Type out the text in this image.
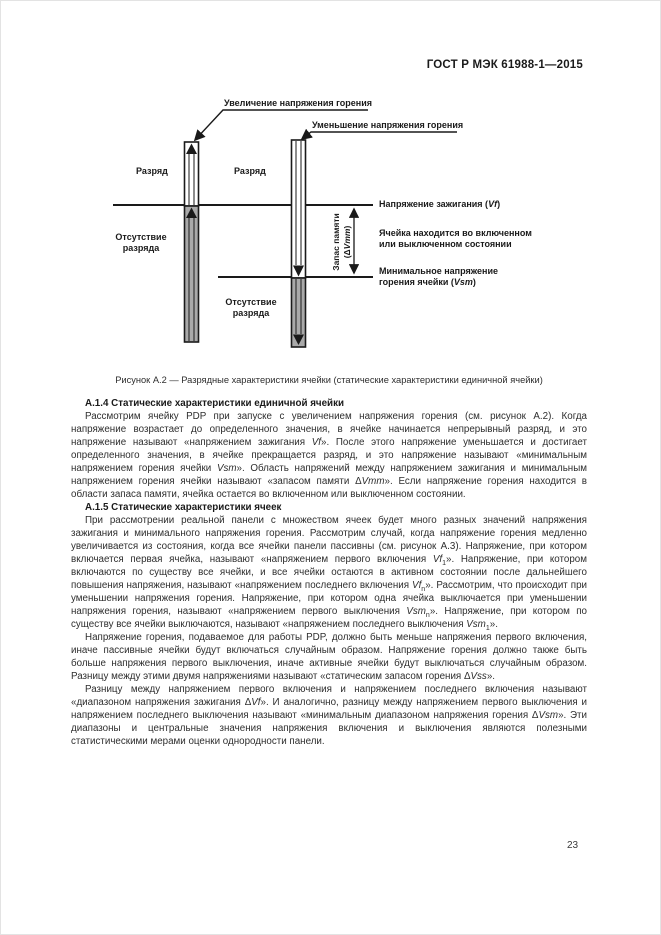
ГОСТ Р МЭК 61988-1—2015
Увеличение напряжения горения
Уменьшение напряжения горения
Разряд	Разряд
Отсутствие разряда
Отсутствие разряда
Напряжение зажигания (Vf)
Ячейка находится во включенном или выключенном состоянии
Минимальное напряжение горения ячейки (Vsm)
Запас памяти (ΔVmm)
Рисунок А.2 — Разрядные характеристики ячейки (статические характеристики единичной ячейки)
А.1.4 Статические характеристики единичной ячейки

Рассмотрим ячейку PDP при запуске с увеличением напряжения горения (см. рисунок А.2). Когда напряжение возрастает до определенного значения, в ячейке начинается непрерывный разряд, и это напряжение называют «напряжением зажигания Vf». После этого напряжение уменьшается и достигает определенного значения, в ячейке прекращается разряд, и это напряжение называют «минимальным напряжением горения ячейки Vsm». Область напряжений между напряжением зажигания и минимальным напряжением горения ячейки называют «запасом памяти ΔVmm». Если напряжение горения находится в области запаса памяти, ячейка остается во включенном или выключенном состоянии.

А.1.5 Статические характеристики ячеек

При рассмотрении реальной панели с множеством ячеек будет много разных значений напряжения зажигания и минимального напряжения горения. Рассмотрим случай, когда напряжение горения медленно увеличивается из состояния, когда все ячейки панели пассивны (см. рисунок А.3). Напряжение, при котором включается первая ячейка, называют «напряжением первого включения $Vf_1$». Напряжение, при котором включаются по существу все ячейки, и все ячейки остаются в активном состоянии после дальнейшего повышения напряжения, называют «напряжением последнего включения $Vf_n$». Рассмотрим, что происходит при уменьшении напряжения горения. Напряжение, при котором одна ячейка выключается при уменьшении напряжения горения, называют «напряжением первого выключения Vsm$_n$». Напряжение, при котором по существу все ячейки выключаются, называют «напряжением последнего выключения Vsm$_1$».

Напряжение горения, подаваемое для работы PDP, должно быть меньше напряжения первого включения, иначе пассивные ячейки будут включаться случайным образом. Напряжение горения должно также быть больше напряжения первого выключения, иначе активные ячейки будут выключаться случайным образом. Разницу между этими двумя напряжениями называют «статическим запасом горения ΔVss».

Разницу между напряжением первого включения и напряжением последнего включения называют «диапазоном напряжения зажигания ΔVf». И аналогично, разницу между напряжением первого выключения и напряжением последнего выключения называют «минимальным диапазоном напряжения горения ΔVsm». Эти диапазоны и центральные значения напряжения включения и выключения являются полезными статистическими мерами оценки однородности панели.

23
